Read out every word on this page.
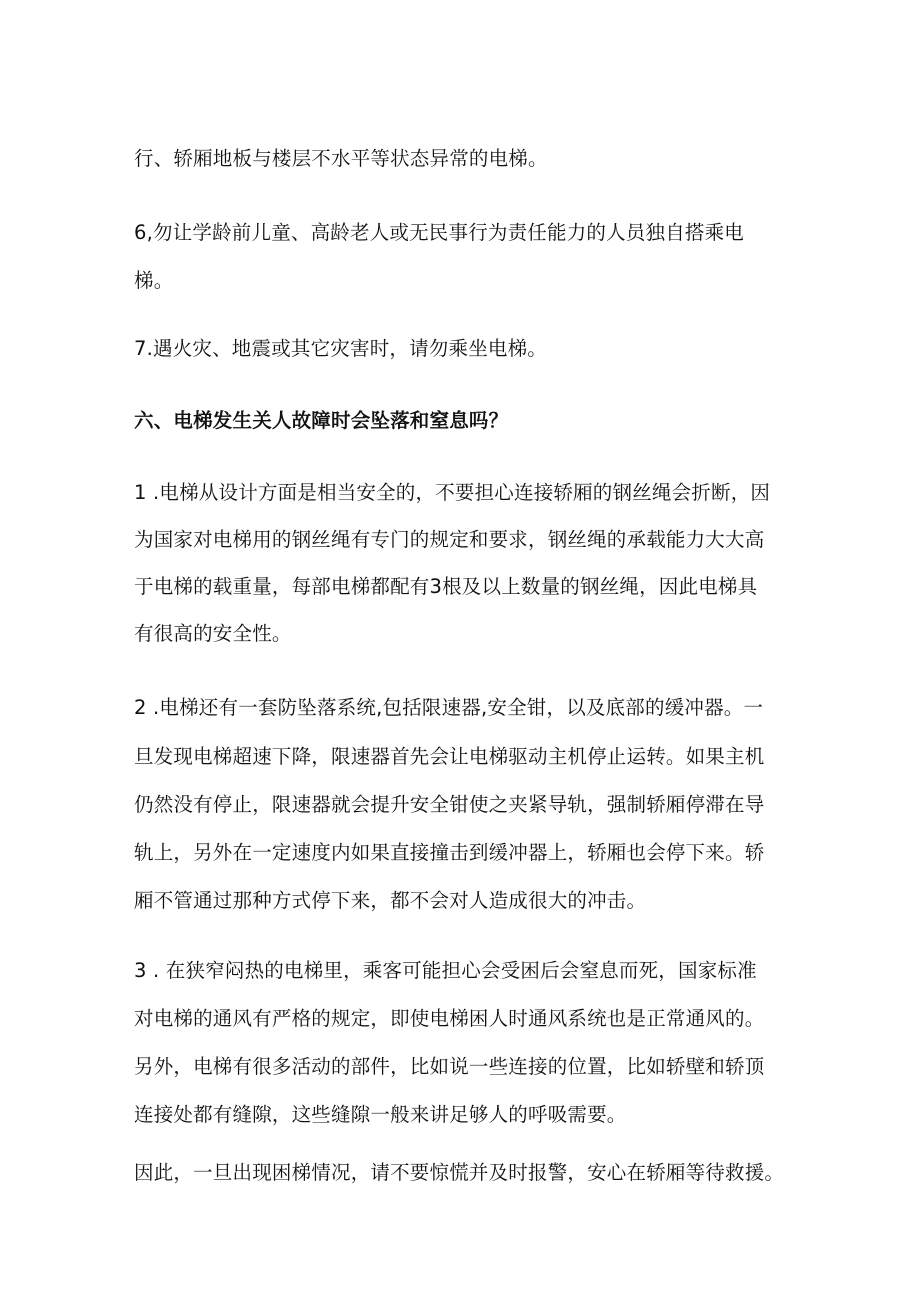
行、轿厢地板与楼层不水平等状态异常的电梯。

6,勿让学龄前儿童、高龄老人或无民事行为责任能力的人员独自搭乘电

梯。

7.遇火灾、地震或其它灾害时，请勿乘坐电梯。

六、电梯发生关人故障时会坠落和窒息吗？

1 .电梯从设计方面是相当安全的，不要担心连接轿厢的钢丝绳会折断，因

为国家对电梯用的钢丝绳有专门的规定和要求，钢丝绳的承载能力大大高

于电梯的载重量，每部电梯都配有3根及以上数量的钢丝绳，因此电梯具

有很高的安全性。

2 .电梯还有一套防坠落系统,包括限速器,安全钳，以及底部的缓冲器。一

旦发现电梯超速下降，限速器首先会让电梯驱动主机停止运转。如果主机

仍然没有停止，限速器就会提升安全钳使之夹紧导轨，强制轿厢停滞在导

轨上，另外在一定速度内如果直接撞击到缓冲器上，轿厢也会停下来。轿

厢不管通过那种方式停下来，都不会对人造成很大的冲击。

3 . 在狭窄闷热的电梯里，乘客可能担心会受困后会窒息而死，国家标准

对电梯的通风有严格的规定，即使电梯困人时通风系统也是正常通风的。

另外，电梯有很多活动的部件，比如说一些连接的位置，比如轿壁和轿顶

连接处都有缝隙，这些缝隙一般来讲足够人的呼吸需要。

因此，一旦出现困梯情况，请不要惊慌并及时报警，安心在轿厢等待救援。
